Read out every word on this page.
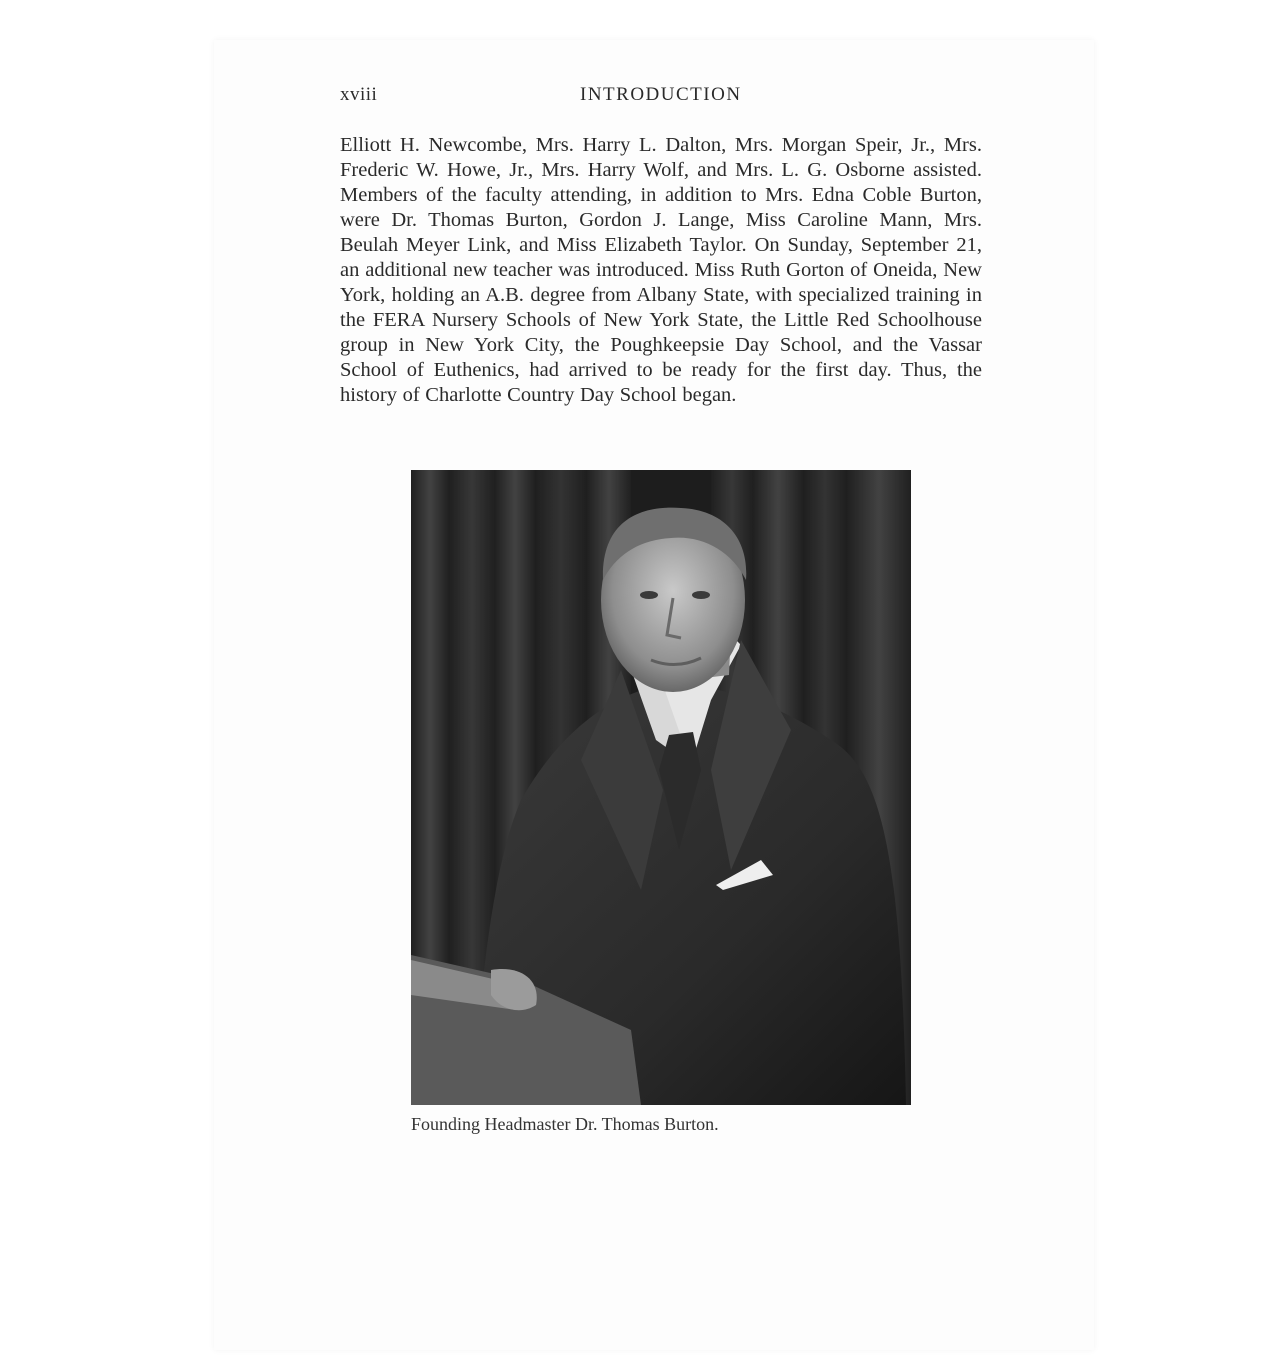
xviii	INTRODUCTION

Elliott H. Newcombe, Mrs. Harry L. Dalton, Mrs. Morgan Speir, Jr., Mrs. Frederic W. Howe, Jr., Mrs. Harry Wolf, and Mrs. L. G. Osborne assisted. Members of the faculty attending, in addition to Mrs. Edna Coble Burton, were Dr. Thomas Burton, Gordon J. Lange, Miss Caroline Mann, Mrs. Beulah Meyer Link, and Miss Elizabeth Taylor. On Sunday, September 21, an additional new teacher was introduced. Miss Ruth Gorton of Oneida, New York, holding an A.B. degree from Albany State, with specialized training in the FERA Nursery Schools of New York State, the Little Red Schoolhouse group in New York City, the Poughkeepsie Day School, and the Vassar School of Euthenics, had arrived to be ready for the first day. Thus, the history of Charlotte Country Day School began.

Founding Headmaster Dr. Thomas Burton.
